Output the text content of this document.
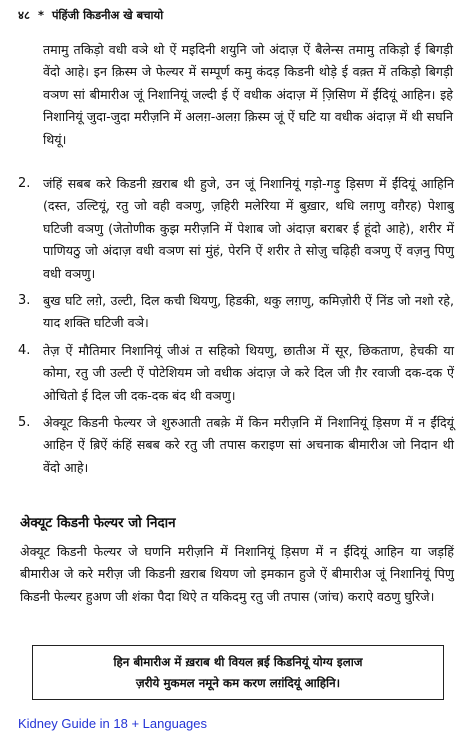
४८ * पंहिंजी किडनीअ खे बचायो

तमामु तकिड़ो वधी वञे थो ऐं मइदिनी शयुनि जो अंदाज़ ऐं बैलेन्स तमामु तकिड़ो ई बिगड़ी वेंदो आहे। इन क़िस्म जे फेल्यर में सम्पूर्ण कमु कंदड़ किडनी थोड़े ई वक़्त में तकिड़ो बिगड़ी वञण सां बीमारीअ जूं निशानियूं जल्दी ई ऐं वधीक अंदाज़ में ज़ि़सिण में ईंदियूं आहिन। इहे निशानियूं जुदा-जुदा मरीज़नि में अलग़-अलग़ क़िस्म जूं ऐं घटि या वधीक अंदाज़ में थी सघनि थियूं।

2. जंहिं सबब करे किडनी ख़राब थी हुजे, उन जूं निशानियूं गड़ो-गड़ु ड़िसण में ईंदियूं आहिनि (दस्त, उल्टियूं, रतु जो वही वञणु, ज़हिरी मलेरिया में बुख़ार, थधि लग़णु वग़ैरह) पेशाबु घटिजी वञणु (जेतोणीक कुझ मरीज़नि में पेशाब जो अंदाज़ बराबर ई हूंदो आहे), शरीर में पाणियठु जो अंदाज़ वधी वञण सां मुंहं, पेरनि ऐं शरीर ते सोज़ु चढ़िही वञणु ऐं वज़नु पिणु वधी वञणु।
3. बुख घटि लग़े, उल्टी, दिल कची थियणु, हिडकी, थकु लग़णु, कमिज़ोरी ऐं निंड जो नशो रहे, याद शक्ति घटिजी वञे।
4. तेज़ ऐं मौतिमार निशानियूं जीअं त सहिको थियणु, छातीअ में सूर, छिकताण, हेचकी या कोमा, रतु जी उल्टी ऐं पोटेशियम जो वधीक अंदाज़ जे करे दिल जी ग़ैर रवाजी दक-दक ऐं ओचितो ई दिल जी दक-दक बंद थी वञणु।
5. अेक्यूट किडनी फेल्यर जे शुरुआती तबक़े में किन मरीज़नि में निशानियूं ड़िसण में न ईंदियूं आहिन ऐं ब़िऐं कंहिं सबब करे रतु जी तपास कराइण सां अचनाक बीमारीअ जो निदान थी वेंदो आहे।
अेक्यूट किडनी फेल्यर जो निदान

अेक्यूट किडनी फेल्यर जे घणनि मरीज़नि में निशानियूं ड़िसण में न ईंदियूं आहिन या जड़हिं बीमारीअ जे करे मरीज़ जी किडनी ख़राब थियण जो इमकान हुजे ऐं बीमारीअ जूं निशानियूं पिणु किडनी फेल्यर हुअण जी शंका पैदा थिऐ त यकिदमु रतु जी तपास (जांच) कराऐ वठणु घुरिजे।

हिन बीमारीअ में ख़राब थी वियल ब़ई किडनियूं योग्य इलाज
ज़रीये मुकमल नमूने कम करण लग़ंदियूं आहिनि।
Kidney Guide in 18 + Languages
